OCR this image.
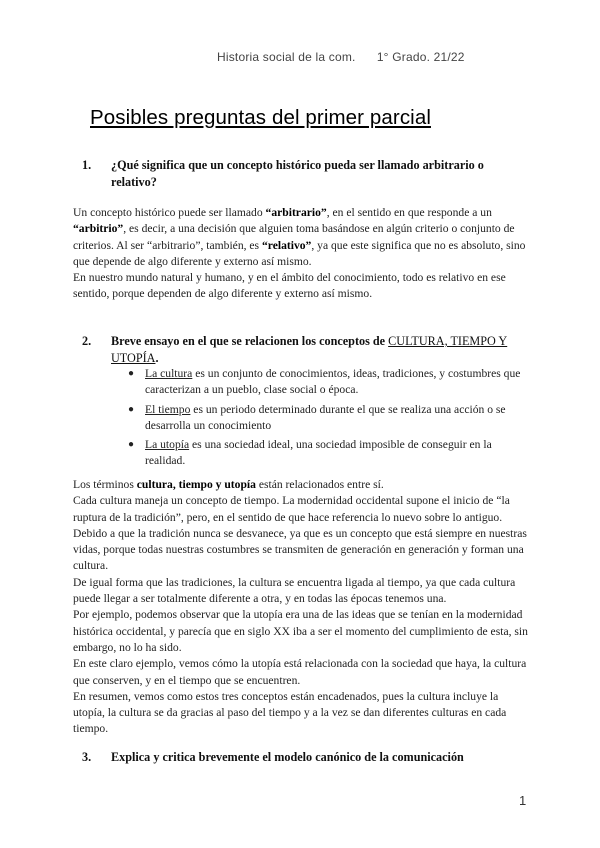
Historia social de la com. 1° Grado. 21/22
Posibles preguntas del primer parcial
1.	¿Qué significa que un concepto histórico pueda ser llamado arbitrario o relativo?
Un concepto histórico puede ser llamado “arbitrario”, en el sentido en que responde a un “arbitrio”, es decir, a una decisión que alguien toma basándose en algún criterio o conjunto de criterios. Al ser “arbitrario”, también, es “relativo”, ya que este significa que no es absoluto, sino que depende de algo diferente y externo así mismo.
En nuestro mundo natural y humano, y en el ámbito del conocimiento, todo es relativo en ese sentido, porque dependen de algo diferente y externo así mismo.
2.	Breve ensayo en el que se relacionen los conceptos de CULTURA, TIEMPO Y UTOPÍA.
● La cultura es un conjunto de conocimientos, ideas, tradiciones, y costumbres que caracterizan a un pueblo, clase social o época.
● El tiempo es un periodo determinado durante el que se realiza una acción o se desarrolla un conocimiento
● La utopía es una sociedad ideal, una sociedad imposible de conseguir en la realidad.
Los términos cultura, tiempo y utopía están relacionados entre sí.
Cada cultura maneja un concepto de tiempo. La modernidad occidental supone el inicio de “la ruptura de la tradición”, pero, en el sentido de que hace referencia lo nuevo sobre lo antiguo. Debido a que la tradición nunca se desvanece, ya que es un concepto que está siempre en nuestras vidas, porque todas nuestras costumbres se transmiten de generación en generación y forman una cultura.
De igual forma que las tradiciones, la cultura se encuentra ligada al tiempo, ya que cada cultura puede llegar a ser totalmente diferente a otra, y en todas las épocas tenemos una.
Por ejemplo, podemos observar que la utopía era una de las ideas que se tenían en la modernidad histórica occidental, y parecía que en siglo XX iba a ser el momento del cumplimiento de esta, sin embargo, no lo ha sido.
En este claro ejemplo, vemos cómo la utopía está relacionada con la sociedad que haya, la cultura que conserven, y en el tiempo que se encuentren.
En resumen, vemos como estos tres conceptos están encadenados, pues la cultura incluye la utopía, la cultura se da gracias al paso del tiempo y a la vez se dan diferentes culturas en cada tiempo.
3.	Explica y critica brevemente el modelo canónico de la comunicación
1
